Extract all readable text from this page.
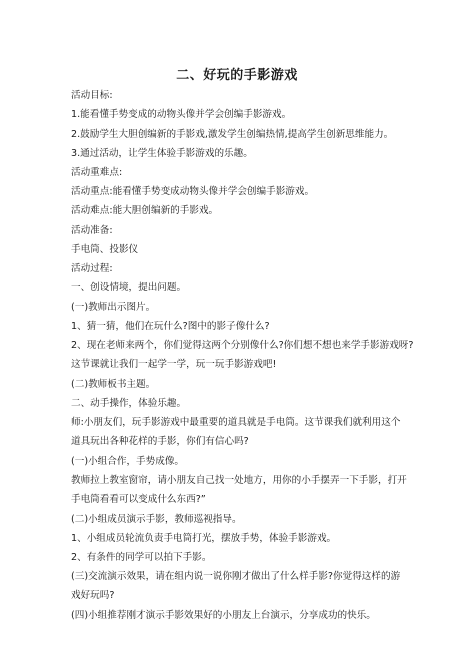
二、好玩的手影游戏
活动目标:
1.能看懂手势变成的动物头像并学会创编手影游戏。
2.鼓励学生大胆创编新的手影戏,激发学生创编热情,提高学生创新思维能力。
3.通过活动，让学生体验手影游戏的乐趣。
活动重难点:
活动重点:能看懂手势变成动物头像并学会创编手影游戏。
活动难点:能大胆创编新的手影戏。
活动准备:
手电筒、投影仪
活动过程:
一、创设情境，提出问题。
(一)教师出示图片。
1、猜一猜，他们在玩什么?图中的影子像什么?
2、现在老师来两个，你们觉得这两个分别像什么?你们想不想也来学手影游戏呀?
这节课就让我们一起学一学，玩一玩手影游戏吧!
(二)教师板书主题。
二、动手操作，体验乐趣。
师:小朋友们，玩手影游戏中最重要的道具就是手电筒。这节课我们就利用这个道具玩出各种花样的手影，你们有信心吗?
(一)小组合作，手势成像。
教师拉上教室窗帘，请小朋友自己找一处地方，用你的小手摆弄一下手影，打开手电筒看看可以变成什么东西?”
(二)小组成员演示手影，教师巡视指导。
1、小组成员轮流负责手电筒打光，摆放手势，体验手影游戏。
2、有条件的同学可以拍下手影。
(三)交流演示效果，请在组内说一说你刚才做出了什么样手影?你觉得这样的游戏好玩吗?
(四)小组推荐刚才演示手影效果好的小朋友上台演示，分享成功的快乐。
